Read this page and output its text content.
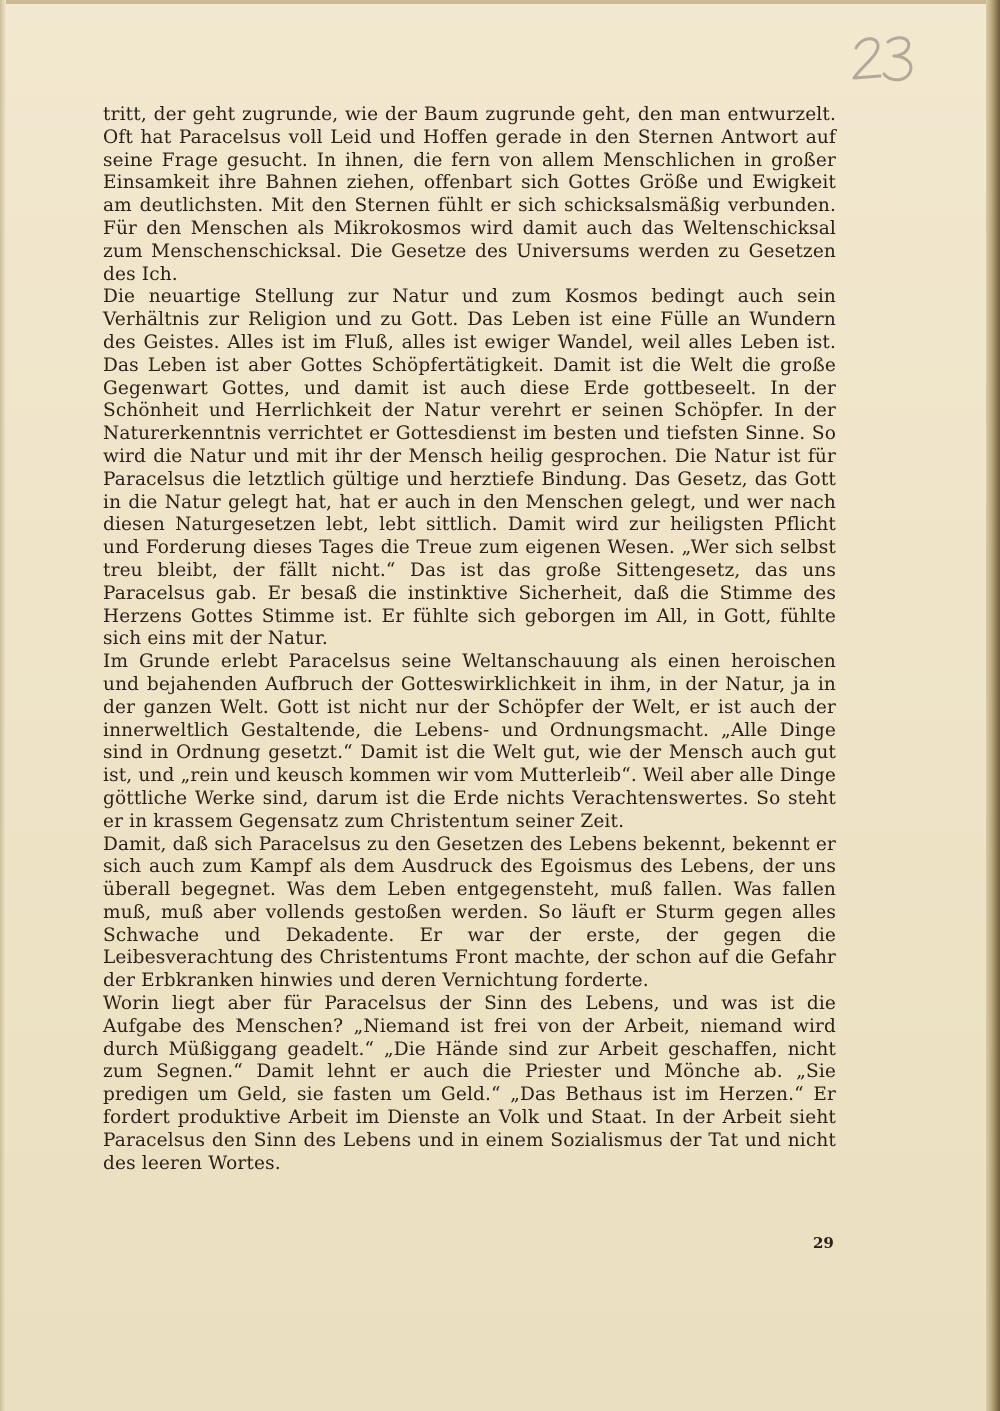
tritt, der geht zugrunde, wie der Baum zugrunde geht, den man entwurzelt. Oft hat Paracelsus voll Leid und Hoffen gerade in den Sternen Antwort auf seine Frage gesucht. In ihnen, die fern von allem Menschlichen in großer Einsamkeit ihre Bahnen ziehen, offenbart sich Gottes Größe und Ewigkeit am deutlichsten. Mit den Sternen fühlt er sich schicksalsmäßig verbunden. Für den Menschen als Mikrokosmos wird damit auch das Weltenschicksal zum Menschenschicksal. Die Gesetze des Universums werden zu Gesetzen des Ich.

Die neuartige Stellung zur Natur und zum Kosmos bedingt auch sein Verhältnis zur Religion und zu Gott. Das Leben ist eine Fülle an Wundern des Geistes. Alles ist im Fluß, alles ist ewiger Wandel, weil alles Leben ist. Das Leben ist aber Gottes Schöpfertätigkeit. Damit ist die Welt die große Gegenwart Gottes, und damit ist auch diese Erde gottbeseelt. In der Schönheit und Herrlichkeit der Natur verehrt er seinen Schöpfer. In der Naturerkenntnis verrichtet er Gottesdienst im besten und tiefsten Sinne. So wird die Natur und mit ihr der Mensch heilig gesprochen. Die Natur ist für Paracelsus die letztlich gültige und herztiefe Bindung. Das Gesetz, das Gott in die Natur gelegt hat, hat er auch in den Menschen gelegt, und wer nach diesen Naturgesetzen lebt, lebt sittlich. Damit wird zur heiligsten Pflicht und Forderung dieses Tages die Treue zum eigenen Wesen. „Wer sich selbst treu bleibt, der fällt nicht.“ Das ist das große Sittengesetz, das uns Paracelsus gab. Er besaß die instinktive Sicherheit, daß die Stimme des Herzens Gottes Stimme ist. Er fühlte sich geborgen im All, in Gott, fühlte sich eins mit der Natur.

Im Grunde erlebt Paracelsus seine Weltanschauung als einen heroischen und bejahenden Aufbruch der Gotteswirklichkeit in ihm, in der Natur, ja in der ganzen Welt. Gott ist nicht nur der Schöpfer der Welt, er ist auch der innerweltlich Gestaltende, die Lebens- und Ordnungsmacht. „Alle Dinge sind in Ordnung gesetzt.“ Damit ist die Welt gut, wie der Mensch auch gut ist, und „rein und keusch kommen wir vom Mutterleib“. Weil aber alle Dinge göttliche Werke sind, darum ist die Erde nichts Verachtenswertes. So steht er in krassem Gegensatz zum Christentum seiner Zeit.

Damit, daß sich Paracelsus zu den Gesetzen des Lebens bekennt, bekennt er sich auch zum Kampf als dem Ausdruck des Egoismus des Lebens, der uns überall begegnet. Was dem Leben entgegensteht, muß fallen. Was fallen muß, muß aber vollends gestoßen werden. So läuft er Sturm gegen alles Schwache und Dekadente. Er war der erste, der gegen die Leibesverachtung des Christentums Front machte, der schon auf die Gefahr der Erbkranken hinwies und deren Vernichtung forderte.

Worin liegt aber für Paracelsus der Sinn des Lebens, und was ist die Aufgabe des Menschen? „Niemand ist frei von der Arbeit, niemand wird durch Müßiggang geadelt.“ „Die Hände sind zur Arbeit geschaffen, nicht zum Segnen.“ Damit lehnt er auch die Priester und Mönche ab. „Sie predigen um Geld, sie fasten um Geld.“ „Das Bethaus ist im Herzen.“ Er fordert produktive Arbeit im Dienste an Volk und Staat. In der Arbeit sieht Paracelsus den Sinn des Lebens und in einem Sozialismus der Tat und nicht des leeren Wortes.

29
